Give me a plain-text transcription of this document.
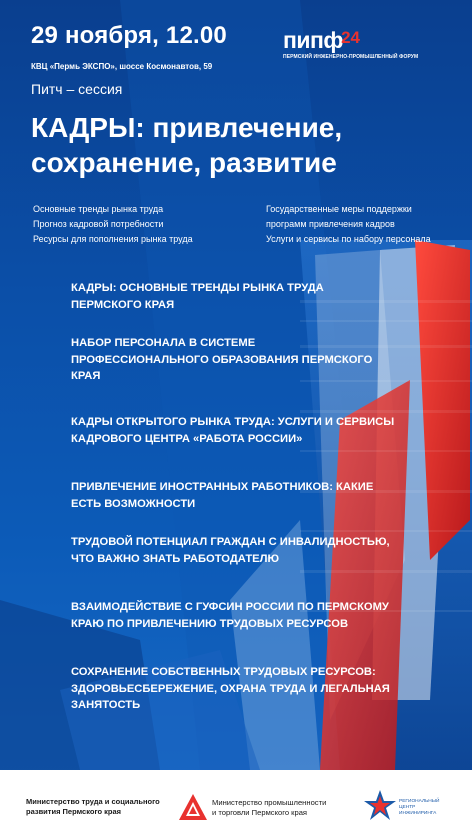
29 ноября, 12.00
КВЦ «Пермь ЭКСПО», шоссе Космонавтов, 59
пипф24
ПЕРМСКИЙ ИНЖЕНЕРНО-ПРОМЫШЛЕННЫЙ ФОРУМ
Питч – сессия
КАДРЫ: привлечение,
сохранение, развитие
Основные тренды рынка труда
Прогноз кадровой потребности
Ресурсы для пополнения рынка труда
Государственные меры поддержки
программ привлечения кадров
Услуги и сервисы по набору персонала
КАДРЫ: ОСНОВНЫЕ ТРЕНДЫ РЫНКА ТРУДА
ПЕРМСКОГО КРАЯ
НАБОР ПЕРСОНАЛА В СИСТЕМЕ
ПРОФЕССИОНАЛЬНОГО ОБРАЗОВАНИЯ ПЕРМСКОГО
КРАЯ
КАДРЫ ОТКРЫТОГО РЫНКА ТРУДА: УСЛУГИ И СЕРВИСЫ
КАДРОВОГО ЦЕНТРА «РАБОТА РОССИИ»
ПРИВЛЕЧЕНИЕ ИНОСТРАННЫХ РАБОТНИКОВ: КАКИЕ
ЕСТЬ ВОЗМОЖНОСТИ
ТРУДОВОЙ ПОТЕНЦИАЛ ГРАЖДАН С ИНВАЛИДНОСТЬЮ,
ЧТО ВАЖНО ЗНАТЬ РАБОТОДАТЕЛЮ
ВЗАИМОДЕЙСТВИЕ С ГУФСИН РОССИИ ПО ПЕРМСКОМУ
КРАЮ ПО ПРИВЛЕЧЕНИЮ ТРУДОВЫХ РЕСУРСОВ
СОХРАНЕНИЕ СОБСТВЕННЫХ ТРУДОВЫХ РЕСУРСОВ:
ЗДОРОВЬЕСБЕРЕЖЕНИЕ, ОХРАНА ТРУДА И ЛЕГАЛЬНАЯ
ЗАНЯТОСТЬ
Министерство труда и социального
развития Пермского края
Министерство промышленности
и торговли Пермского края
РЕГИОНАЛЬНЫЙ
ЦЕНТР
ИНЖИНИРИНГА
